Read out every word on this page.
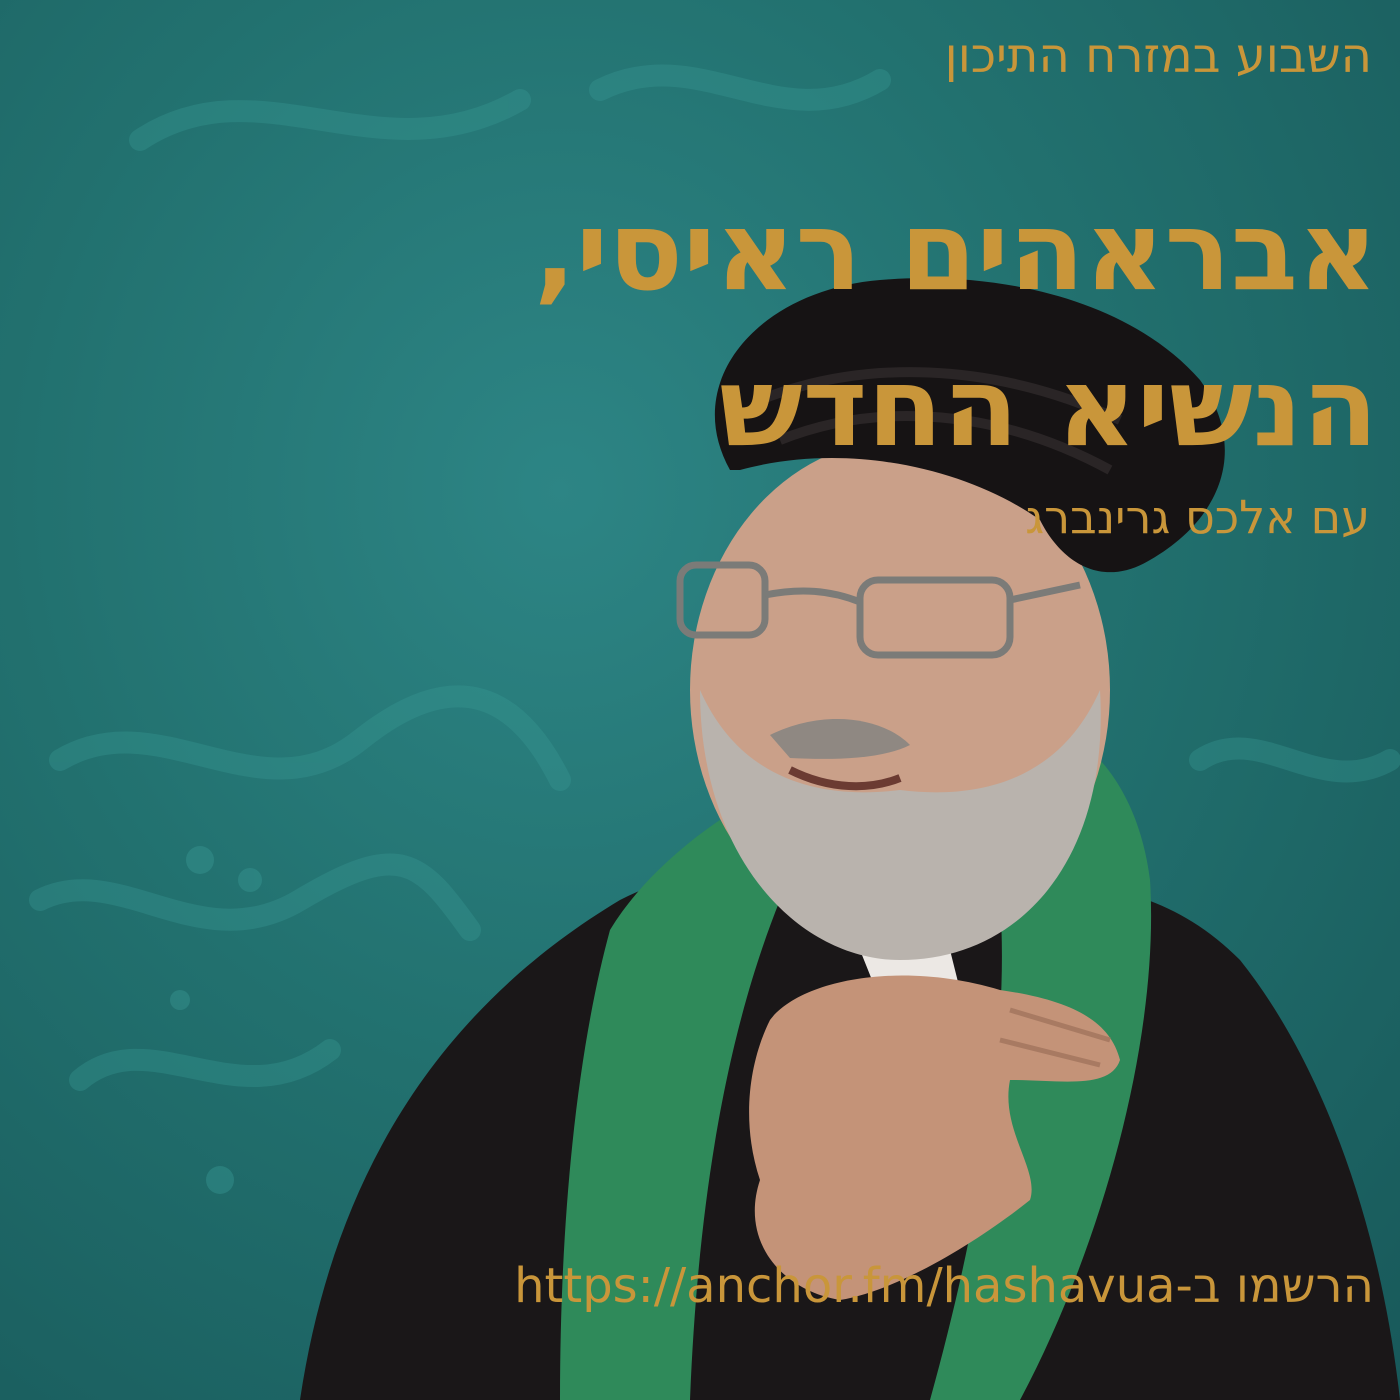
השבוע במזרח התיכון

אבראהים ראיסי,
הנשיא החדש

עם אלכס גרינברג

הרשמו ב-
https://anchor.fm/hashavua
